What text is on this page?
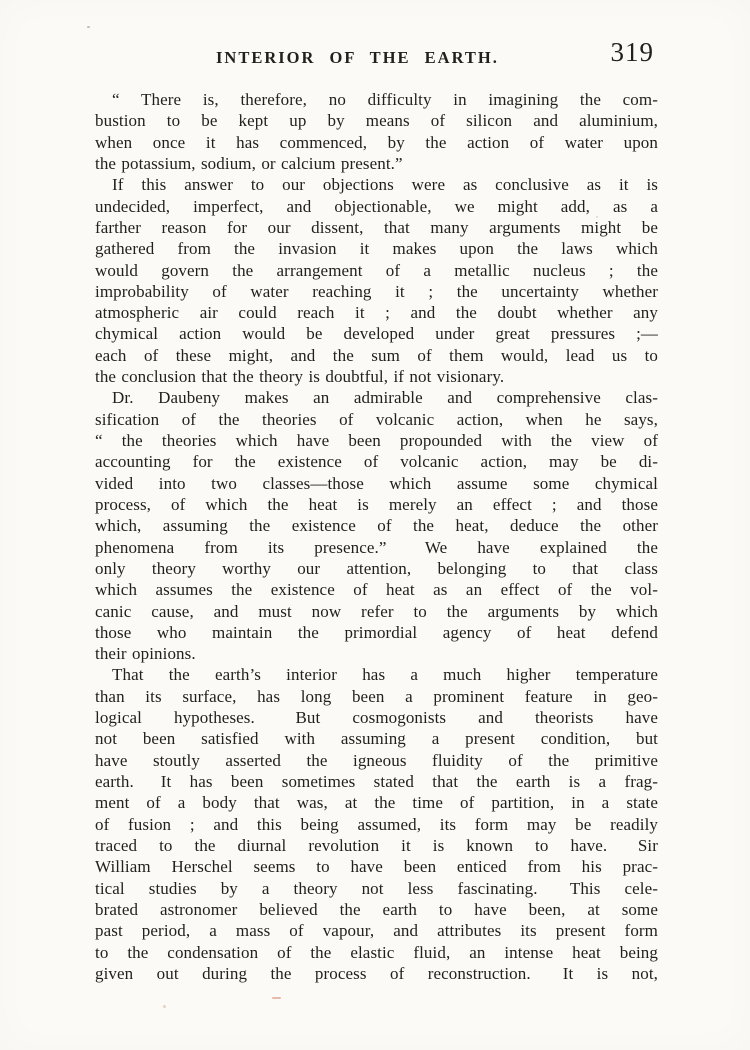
INTERIOR OF THE EARTH.	319
“ There is, therefore, no difficulty in imagining the com-
bustion to be kept up by means of silicon and aluminium,
when once it has commenced, by the action of water upon
the potassium, sodium, or calcium present.”
If this answer to our objections were as conclusive as it is
undecided, imperfect, and objectionable, we might add, as a
farther reason for our dissent, that many arguments might be
gathered from the invasion it makes upon the laws which
would govern the arrangement of a metallic nucleus ; the
improbability of water reaching it ; the uncertainty whether
atmospheric air could reach it ; and the doubt whether any
chymical action would be developed under great pressures ;—
each of these might, and the sum of them would, lead us to
the conclusion that the theory is doubtful, if not visionary.
Dr. Daubeny makes an admirable and comprehensive clas-
sification of the theories of volcanic action, when he says,
“ the theories which have been propounded with the view of
accounting for the existence of volcanic action, may be di-
vided into two classes—those which assume some chymical
process, of which the heat is merely an effect ; and those
which, assuming the existence of the heat, deduce the other
phenomena from its presence.”  We have explained the
only theory worthy our attention, belonging to that class
which assumes the existence of heat as an effect of the vol-
canic cause, and must now refer to the arguments by which
those who maintain the primordial agency of heat defend
their opinions.
That the earth’s interior has a much higher temperature
than its surface, has long been a prominent feature in geo-
logical hypotheses.  But cosmogonists and theorists have
not been satisfied with assuming a present condition, but
have stoutly asserted the igneous fluidity of the primitive
earth.  It has been sometimes stated that the earth is a frag-
ment of a body that was, at the time of partition, in a state
of fusion ; and this being assumed, its form may be readily
traced to the diurnal revolution it is known to have.  Sir
William Herschel seems to have been enticed from his prac-
tical studies by a theory not less fascinating.  This cele-
brated astronomer believed the earth to have been, at some
past period, a mass of vapour, and attributes its present form
to the condensation of the elastic fluid, an intense heat being
given out during the process of reconstruction.  It is not,
